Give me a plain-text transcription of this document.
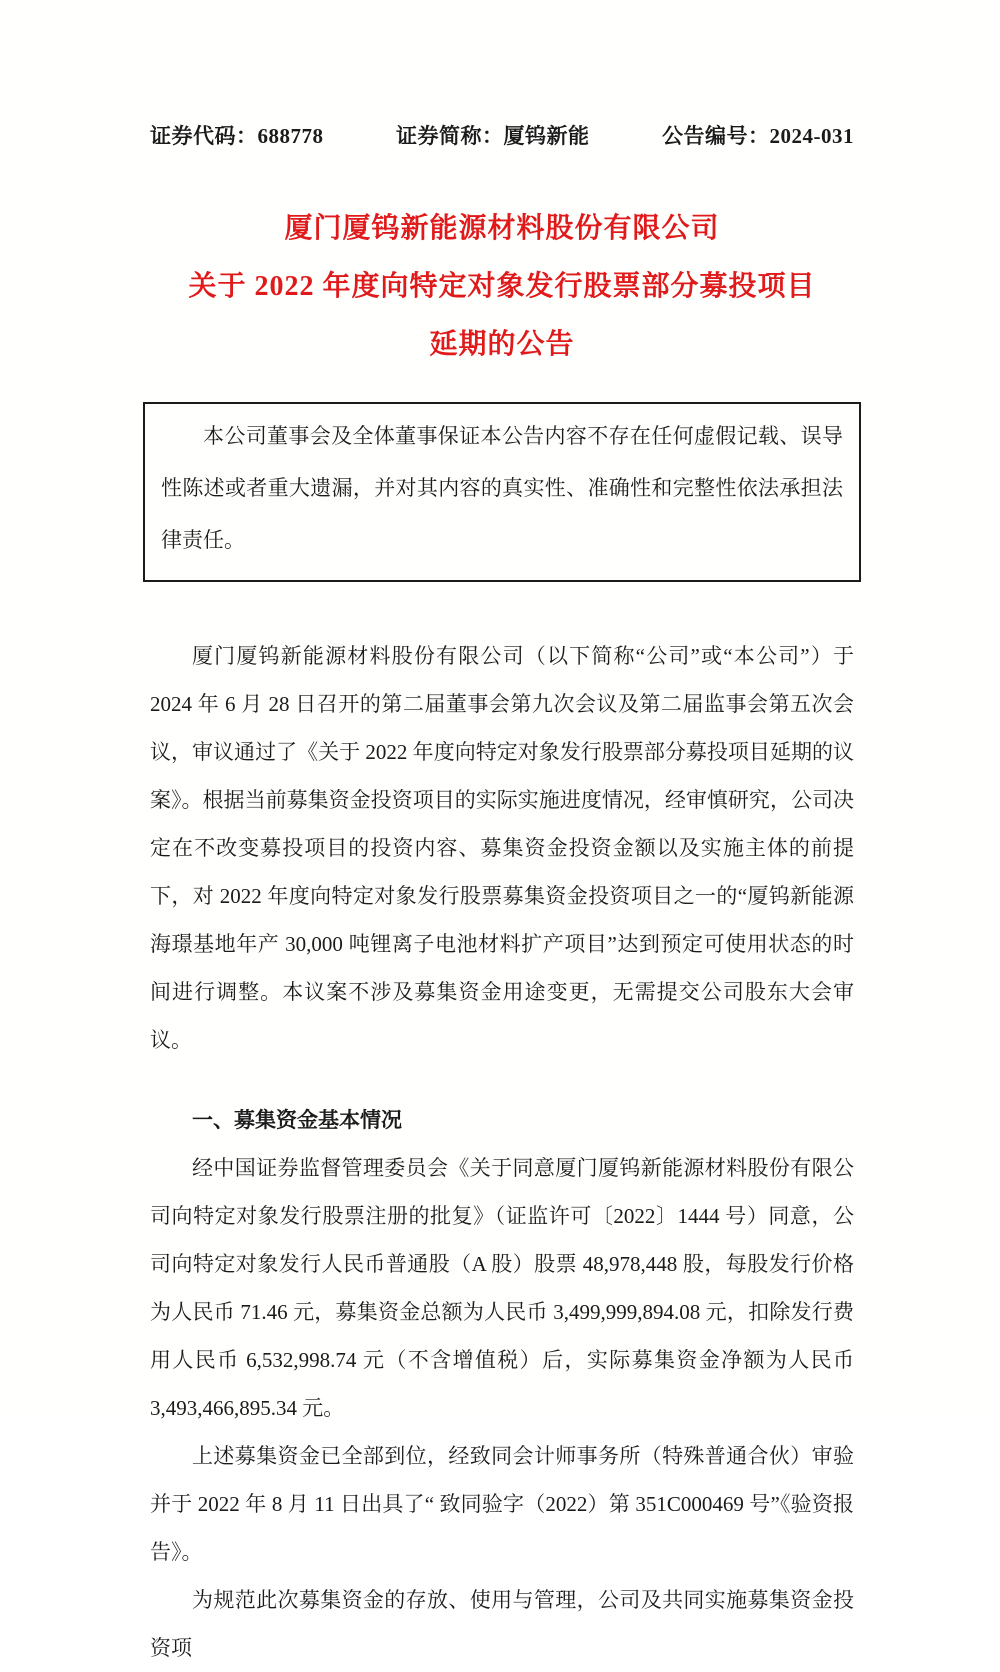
证券代码：688778	证券简称：厦钨新能	公告编号：2024-031
厦门厦钨新能源材料股份有限公司
关于 2022 年度向特定对象发行股票部分募投项目
延期的公告

本公司董事会及全体董事保证本公告内容不存在任何虚假记载、误导性陈述或者重大遗漏，并对其内容的真实性、准确性和完整性依法承担法律责任。

厦门厦钨新能源材料股份有限公司（以下简称“公司”或“本公司”）于 2024 年 6 月 28 日召开的第二届董事会第九次会议及第二届监事会第五次会议，审议通过了《关于 2022 年度向特定对象发行股票部分募投项目延期的议案》。根据当前募集资金投资项目的实际实施进度情况，经审慎研究，公司决定在不改变募投项目的投资内容、募集资金投资金额以及实施主体的前提下，对 2022 年度向特定对象发行股票募集资金投资项目之一的“厦钨新能源海璟基地年产 30,000 吨锂离子电池材料扩产项目”达到预定可使用状态的时间进行调整。本议案不涉及募集资金用途变更，无需提交公司股东大会审议。

一、募集资金基本情况

经中国证券监督管理委员会《关于同意厦门厦钨新能源材料股份有限公司向特定对象发行股票注册的批复》（证监许可〔2022〕1444 号）同意，公司向特定对象发行人民币普通股（A 股）股票 48,978,448 股，每股发行价格为人民币 71.46 元，募集资金总额为人民币 3,499,999,894.08 元，扣除发行费用人民币 6,532,998.74 元（不含增值税）后，实际募集资金净额为人民币 3,493,466,895.34 元。

上述募集资金已全部到位，经致同会计师事务所（特殊普通合伙）审验并于 2022 年 8 月 11 日出具了“ 致同验字（2022）第 351C000469 号”《验资报告》。

为规范此次募集资金的存放、使用与管理，公司及共同实施募集资金投资项
